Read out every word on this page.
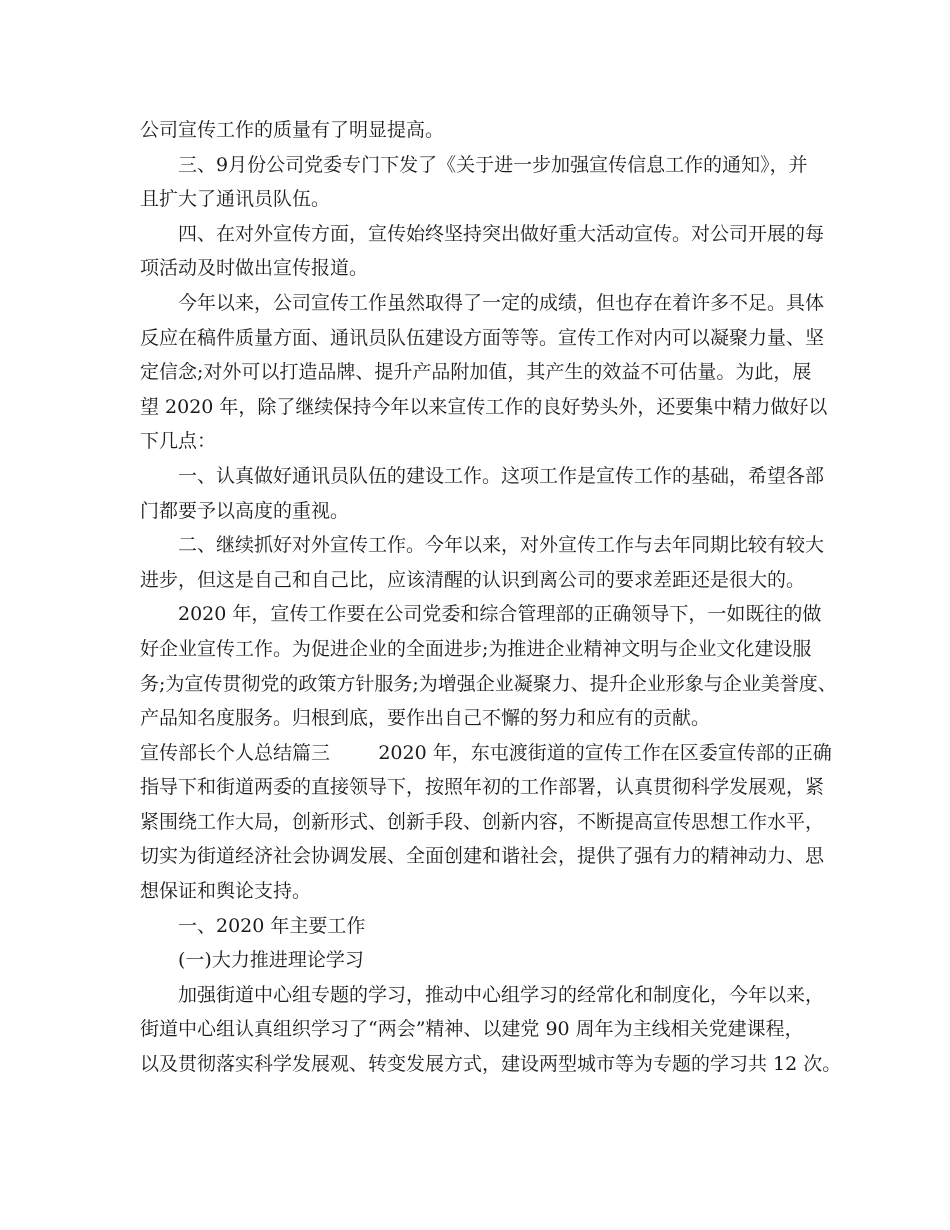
公司宣传工作的质量有了明显提高。
三、9月份公司党委专门下发了《关于进一步加强宣传信息工作的通知》，并
且扩大了通讯员队伍。
四、在对外宣传方面，宣传始终坚持突出做好重大活动宣传。对公司开展的每
项活动及时做出宣传报道。
今年以来，公司宣传工作虽然取得了一定的成绩，但也存在着许多不足。具体
反应在稿件质量方面、通讯员队伍建设方面等等。宣传工作对内可以凝聚力量、坚
定信念;对外可以打造品牌、提升产品附加值，其产生的效益不可估量。为此，展
望 2020 年，除了继续保持今年以来宣传工作的良好势头外，还要集中精力做好以
下几点：
一、认真做好通讯员队伍的建设工作。这项工作是宣传工作的基础，希望各部
门都要予以高度的重视。
二、继续抓好对外宣传工作。今年以来，对外宣传工作与去年同期比较有较大
进步，但这是自己和自己比，应该清醒的认识到离公司的要求差距还是很大的。
2020 年，宣传工作要在公司党委和综合管理部的正确领导下，一如既往的做
好企业宣传工作。为促进企业的全面进步;为推进企业精神文明与企业文化建设服
务;为宣传贯彻党的政策方针服务;为增强企业凝聚力、提升企业形象与企业美誉度、
产品知名度服务。归根到底，要作出自己不懈的努力和应有的贡献。
宣传部长个人总结篇三        2020 年，东屯渡街道的宣传工作在区委宣传部的正确
指导下和街道两委的直接领导下，按照年初的工作部署，认真贯彻科学发展观，紧
紧围绕工作大局，创新形式、创新手段、创新内容，不断提高宣传思想工作水平，
切实为街道经济社会协调发展、全面创建和谐社会，提供了强有力的精神动力、思
想保证和舆论支持。
一、2020 年主要工作
(一)大力推进理论学习
加强街道中心组专题的学习，推动中心组学习的经常化和制度化，今年以来，
街道中心组认真组织学习了“两会”精神、以建党 90 周年为主线相关党建课程，
以及贯彻落实科学发展观、转变发展方式，建设两型城市等为专题的学习共 12 次。
